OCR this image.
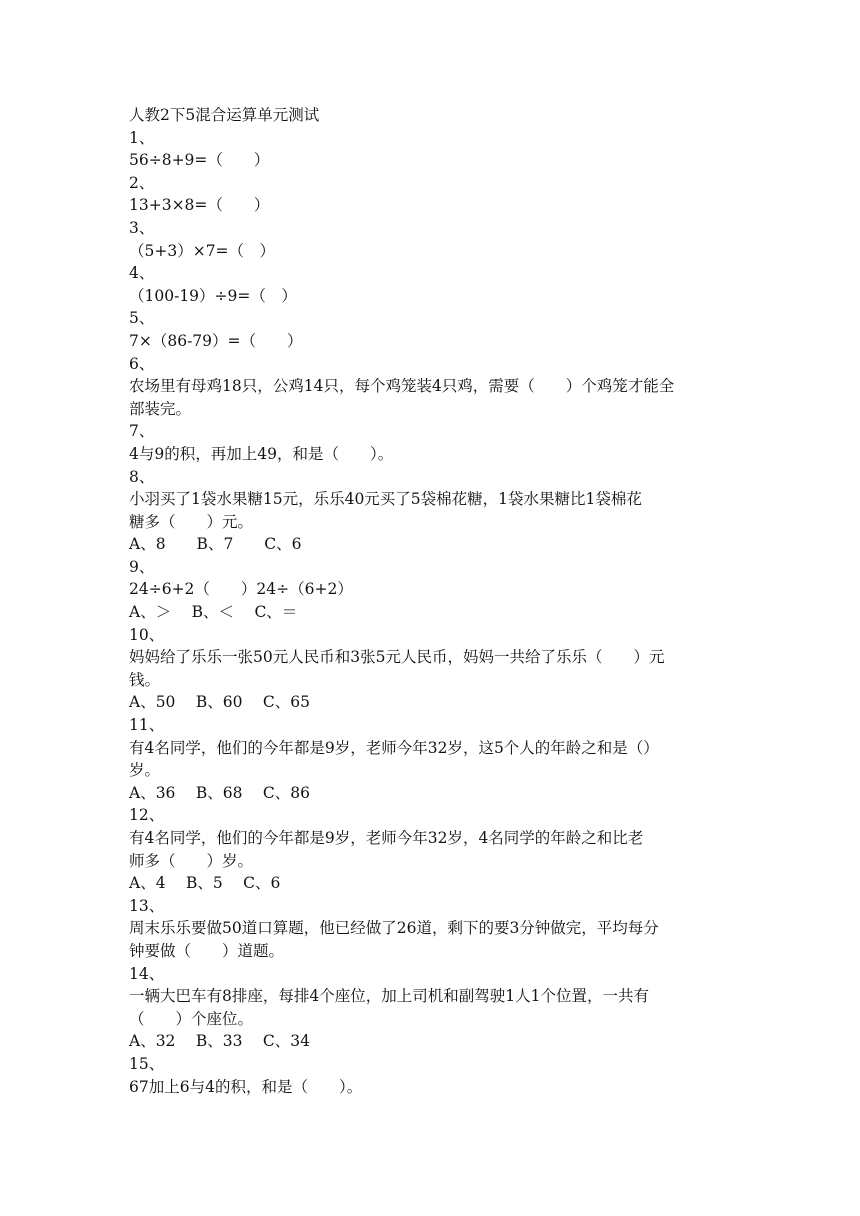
人教2下5混合运算单元测试

1、

56÷8+9=（　　）

2、

13+3×8=（　　）

3、

（5+3）×7=（　）

4、

（100-19）÷9=（　）

5、

7×（86-79）=（　　）

6、

农场里有母鸡18只，公鸡14只，每个鸡笼装4只鸡，需要（　　）个鸡笼才能全

部装完。

7、

4与9的积，再加上49，和是（　　）。

8、

小羽买了1袋水果糖15元，乐乐40元买了5袋棉花糖，1袋水果糖比1袋棉花

糖多（　　）元。

A、8　　B、7　　C、6

9、

24÷6+2（　　）24÷（6+2）

A、＞　 B、＜　 C、＝

10、

妈妈给了乐乐一张50元人民币和3张5元人民币，妈妈一共给了乐乐（　　）元

钱。

A、50　 B、60　 C、65

11、

有4名同学，他们的今年都是9岁，老师今年32岁，这5个人的年龄之和是（）

岁。

A、36　 B、68　 C、86

12、

有4名同学，他们的今年都是9岁，老师今年32岁，4名同学的年龄之和比老

师多（　　）岁。

A、4　 B、5　 C、6

13、

周末乐乐要做50道口算题，他已经做了26道，剩下的要3分钟做完，平均每分

钟要做（　　）道题。

14、

一辆大巴车有8排座，每排4个座位，加上司机和副驾驶1人1个位置，一共有

（　　）个座位。

A、32　 B、33　 C、34

15、

67加上6与4的积，和是（　　）。
